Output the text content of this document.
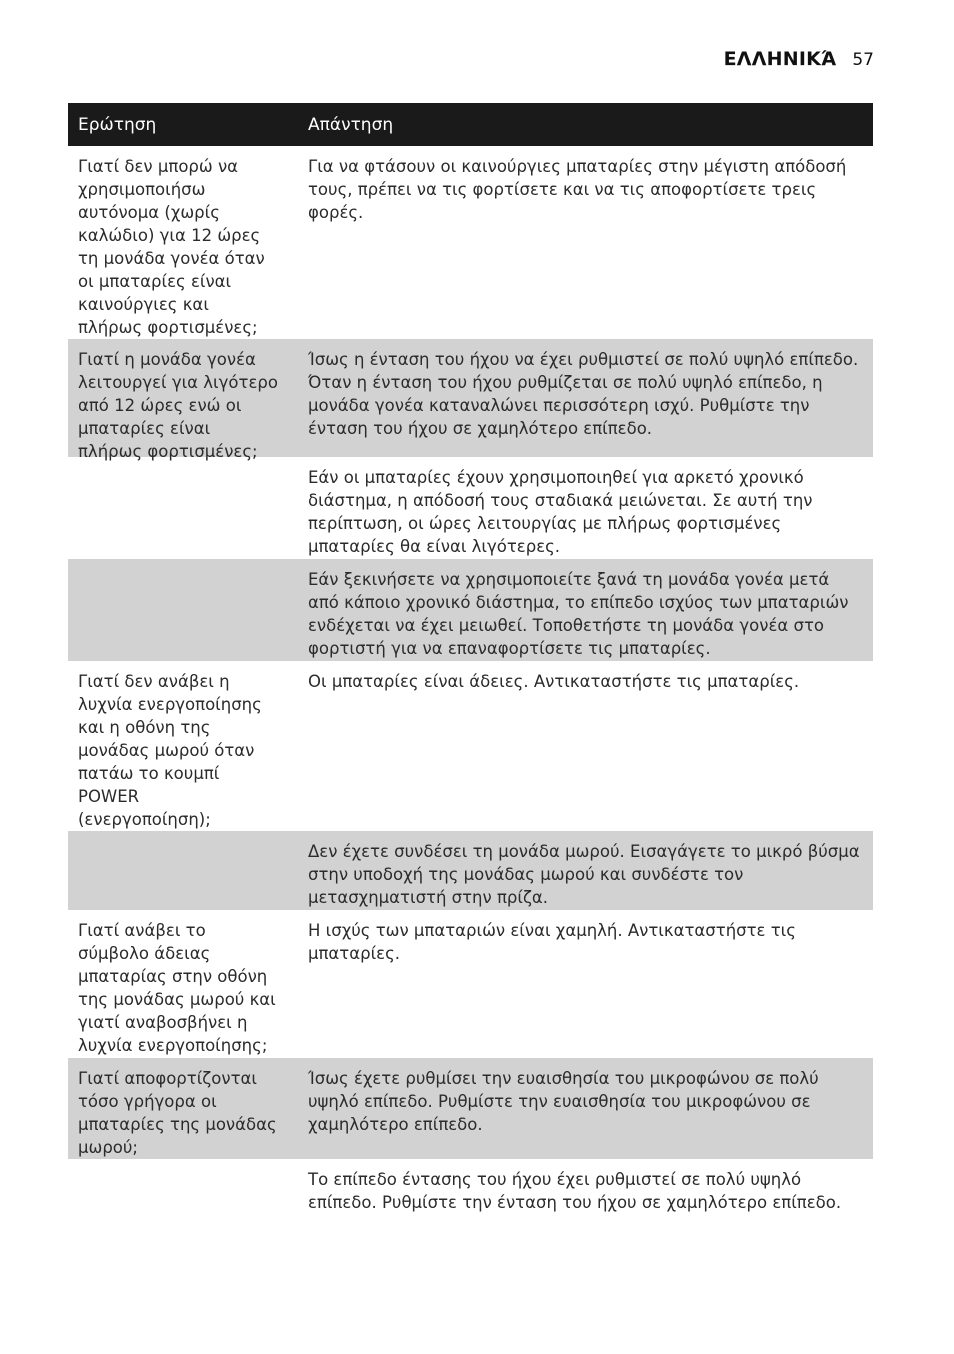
ΕΛΛΗΝΙΚΆ 57
Ερώτηση	Απάντηση
Γιατί δεν μπορώ να
χρησιμοποιήσω
αυτόνομα (χωρίς
καλώδιο) για 12 ώρες
τη μονάδα γονέα όταν
οι μπαταρίες είναι
καινούργιες και
πλήρως φορτισμένες;
Για να φτάσουν οι καινούργιες μπαταρίες στην μέγιστη απόδοσή τους, πρέπει να τις φορτίσετε και να τις αποφορτίσετε τρεις φορές.
Γιατί η μονάδα γονέα
λειτουργεί για λιγότερο
από 12 ώρες ενώ οι
μπαταρίες είναι
πλήρως φορτισμένες;
Ίσως η ένταση του ήχου να έχει ρυθμιστεί σε πολύ υψηλό επίπεδο. Όταν η ένταση του ήχου ρυθμίζεται σε πολύ υψηλό επίπεδο, η μονάδα γονέα καταναλώνει περισσότερη ισχύ. Ρυθμίστε την ένταση του ήχου σε χαμηλότερο επίπεδο.
Εάν οι μπαταρίες έχουν χρησιμοποιηθεί για αρκετό χρονικό διάστημα, η απόδοσή τους σταδιακά μειώνεται. Σε αυτή την περίπτωση, οι ώρες λειτουργίας με πλήρως φορτισμένες μπαταρίες θα είναι λιγότερες.
Εάν ξεκινήσετε να χρησιμοποιείτε ξανά τη μονάδα γονέα μετά από κάποιο χρονικό διάστημα, το επίπεδο ισχύος των μπαταριών ενδέχεται να έχει μειωθεί. Τοποθετήστε τη μονάδα γονέα στο φορτιστή για να επαναφορτίσετε τις μπαταρίες.
Γιατί δεν ανάβει η
λυχνία ενεργοποίησης
και η οθόνη της
μονάδας μωρού όταν
πατάω το κουμπί
POWER
(ενεργοποίηση);
Οι μπαταρίες είναι άδειες. Αντικαταστήστε τις μπαταρίες.
Δεν έχετε συνδέσει τη μονάδα μωρού. Εισαγάγετε το μικρό βύσμα στην υποδοχή της μονάδας μωρού και συνδέστε τον μετασχηματιστή στην πρίζα.
Γιατί ανάβει το
σύμβολο άδειας
μπαταρίας στην οθόνη
της μονάδας μωρού και
γιατί αναβοσβήνει η
λυχνία ενεργοποίησης;
Η ισχύς των μπαταριών είναι χαμηλή. Αντικαταστήστε τις μπαταρίες.
Γιατί αποφορτίζονται
τόσο γρήγορα οι
μπαταρίες της μονάδας
μωρού;
Ίσως έχετε ρυθμίσει την ευαισθησία του μικροφώνου σε πολύ υψηλό επίπεδο. Ρυθμίστε την ευαισθησία του μικροφώνου σε χαμηλότερο επίπεδο.
Το επίπεδο έντασης του ήχου έχει ρυθμιστεί σε πολύ υψηλό επίπεδο. Ρυθμίστε την ένταση του ήχου σε χαμηλότερο επίπεδο.
